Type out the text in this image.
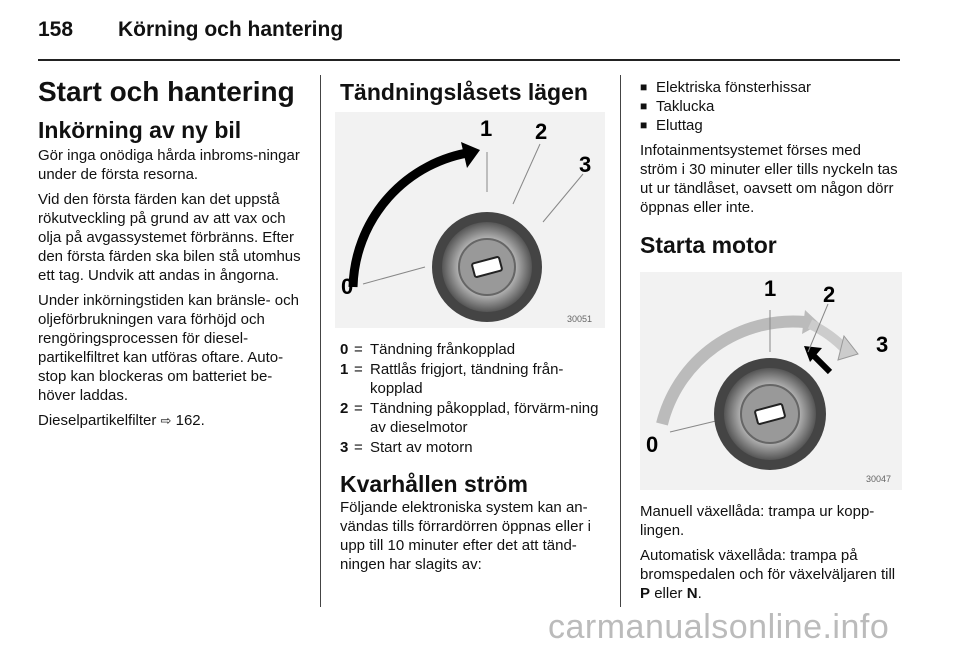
158 Körning och hantering
Start och hantering
Inkörning av ny bil

Gör inga onödiga hårda inbroms-ningar under de första resorna.

Vid den första färden kan det uppstå rökutveckling på grund av att vax och olja på avgassystemet förbränns. Efter den första färden ska bilen stå utomhus ett tag. Undvik att andas in ångorna.

Under inkörningstiden kan bränsle- och oljeförbrukningen vara förhöjd och rengöringsprocessen för diesel-partikelfiltret kan utföras oftare. Auto-stop kan blockeras om batteriet be-höver laddas.

Dieselpartikelfilter ⇨ 162.

Tändningslåsets lägen
0
1 2
3
30051
0 = Tändning frånkopplad
1 = Rattlås frigjort, tändning från-kopplad
2 = Tändning påkopplad, förvärm-ning av dieselmotor
3 = Start av motorn
Kvarhållen ström

Följande elektroniska system kan an-vändas tills förrardörren öppnas eller i upp till 10 minuter efter det att tänd-ningen har slagits av:

■ Elektriska fönsterhissar
■ Taklucka
■ Eluttag

Infotainmentsystemet förses med ström i 30 minuter eller tills nyckeln tas ut ur tändlåset, oavsett om någon dörr öppnas eller inte.

Starta motor
0
1 2
3
30047

Manuell växellåda: trampa ur kopp-lingen.

Automatisk växellåda: trampa på bromspedalen och för växelväljaren till P eller N.

carmanualsonline.info
